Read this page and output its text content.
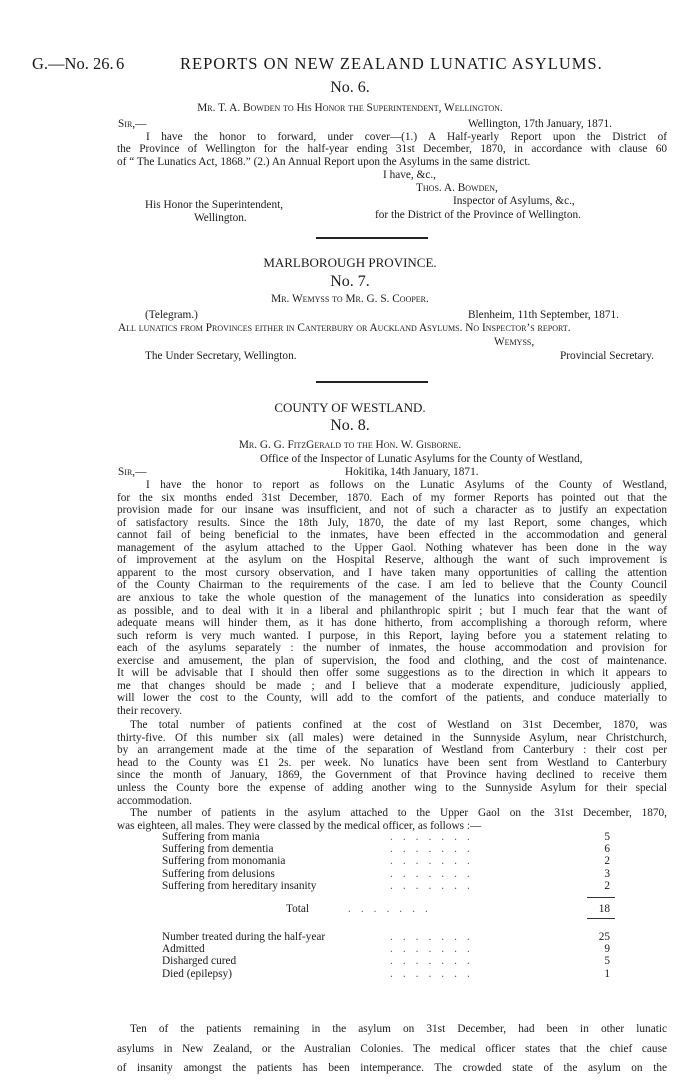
G.—No. 26. 6	REPORTS ON NEW ZEALAND LUNATIC ASYLUMS.
No. 6.
Mr. T. A. Bowden to His Honor the Superintendent, Wellington.
Sir,—	Wellington, 17th January, 1871.
I have the honor to forward, under cover—(1.) A Half-yearly Report upon the District of
the Province of Wellington for the half-year ending 31st December, 1870, in accordance with clause 60
of “ The Lunatics Act, 1868.” (2.) An Annual Report upon the Asylums in the same district.
I have, &c.,
Thos. A. Bowden,
His Honor the Superintendent,	Inspector of Asylums, &c.,
Wellington.	for the District of the Province of Wellington.
MARLBOROUGH PROVINCE.
No. 7.
Mr. Wemyss to Mr. G. S. Cooper.
(Telegram.)	Blenheim, 11th September, 1871.
All lunatics from Provinces either in Canterbury or Auckland Asylums. No Inspector’s report.
Wemyss,
The Under Secretary, Wellington.	Provincial Secretary.
COUNTY OF WESTLAND.
No. 8.
Mr. G. G. FitzGerald to the Hon. W. Gisborne.
Office of the Inspector of Lunatic Asylums for the County of Westland,
Sir,—	Hokitika, 14th January, 1871.
I have the honor to report as follows on the Lunatic Asylums of the County of Westland,
for the six months ended 31st December, 1870. Each of my former Reports has pointed out that the
provision made for our insane was insufficient, and not of such a character as to justify an expectation
of satisfactory results. Since the 18th July, 1870, the date of my last Report, some changes, which
cannot fail of being beneficial to the inmates, have been effected in the accommodation and general
management of the asylum attached to the Upper Gaol. Nothing whatever has been done in the way
of improvement at the asylum on the Hospital Reserve, although the want of such improvement is
apparent to the most cursory observation, and I have taken many opportunities of calling the attention
of the County Chairman to the requirements of the case. I am led to believe that the County Council
are anxious to take the whole question of the management of the lunatics into consideration as speedily
as possible, and to deal with it in a liberal and philanthropic spirit ; but I much fear that the want of
adequate means will hinder them, as it has done hitherto, from accomplishing a thorough reform, where
such reform is very much wanted. I purpose, in this Report, laying before you a statement relating to
each of the asylums separately : the number of inmates, the house accommodation and provision for
exercise and amusement, the plan of supervision, the food and clothing, and the cost of maintenance.
It will be advisable that I should then offer some suggestions as to the direction in which it appears to
me that changes should be made ; and I believe that a moderate expenditure, judiciously applied,
will lower the cost to the County, will add to the comfort of the patients, and conduce materially to
their recovery.
The total number of patients confined at the cost of Westland on 31st December, 1870, was
thirty-five. Of this number six (all males) were detained in the Sunnyside Asylum, near Christchurch,
by an arrangement made at the time of the separation of Westland from Canterbury : their cost per
head to the County was £1 2s. per week. No lunatics have been sent from Westland to Canterbury
since the month of January, 1869, the Government of that Province having declined to receive them
unless the County bore the expense of adding another wing to the Sunnyside Asylum for their special
accommodation.
The number of patients in the asylum attached to the Upper Gaol on the 31st December, 1870,
was eighteen, all males. They were classed by the medical officer, as follows :—
Suffering from mania	.......	5
Suffering from dementia	.......	6
Suffering from monomania	.......	2
Suffering from delusions	.......	3
Suffering from hereditary insanity	.......	2
Total	.......	18
Number treated during the half-year	.......	25
Admitted	.......	9
Disharged cured	.......	5
Died (epilepsy)	.......	1
Ten of the patients remaining in the asylum on 31st December, had been in other lunatic
asylums in New Zealand, or the Australian Colonies. The medical officer states that the chief cause
of insanity amongst the patients has been intemperance. The crowded state of the asylum on the
